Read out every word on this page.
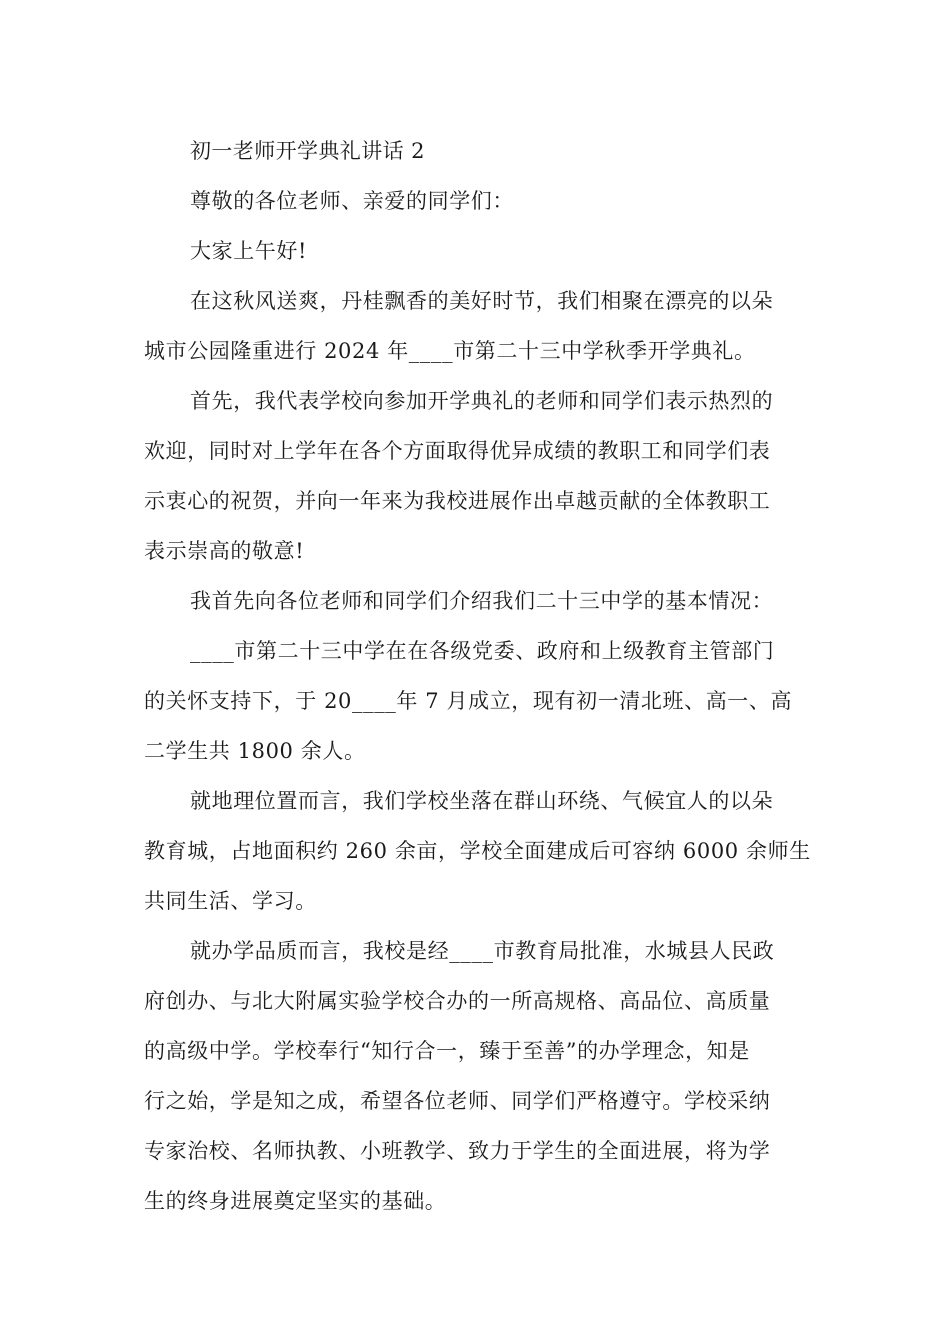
初一老师开学典礼讲话 2
尊敬的各位老师、亲爱的同学们：
大家上午好!
在这秋风送爽，丹桂飘香的美好时节，我们相聚在漂亮的以朵
城市公园隆重进行 2024 年____市第二十三中学秋季开学典礼。
首先，我代表学校向参加开学典礼的老师和同学们表示热烈的
欢迎，同时对上学年在各个方面取得优异成绩的教职工和同学们表
示衷心的祝贺，并向一年来为我校进展作出卓越贡献的全体教职工
表示崇高的敬意!
我首先向各位老师和同学们介绍我们二十三中学的基本情况：
____市第二十三中学在在各级党委、政府和上级教育主管部门
的关怀支持下，于 20____年 7 月成立，现有初一清北班、高一、高
二学生共 1800 余人。
就地理位置而言，我们学校坐落在群山环绕、气候宜人的以朵
教育城，占地面积约 260 余亩，学校全面建成后可容纳 6000 余师生
共同生活、学习。
就办学品质而言，我校是经____市教育局批准，水城县人民政
府创办、与北大附属实验学校合办的一所高规格、高品位、高质量
的高级中学。学校奉行“知行合一，臻于至善”的办学理念，知是
行之始，学是知之成，希望各位老师、同学们严格遵守。学校采纳
专家治校、名师执教、小班教学、致力于学生的全面进展，将为学
生的终身进展奠定坚实的基础。
